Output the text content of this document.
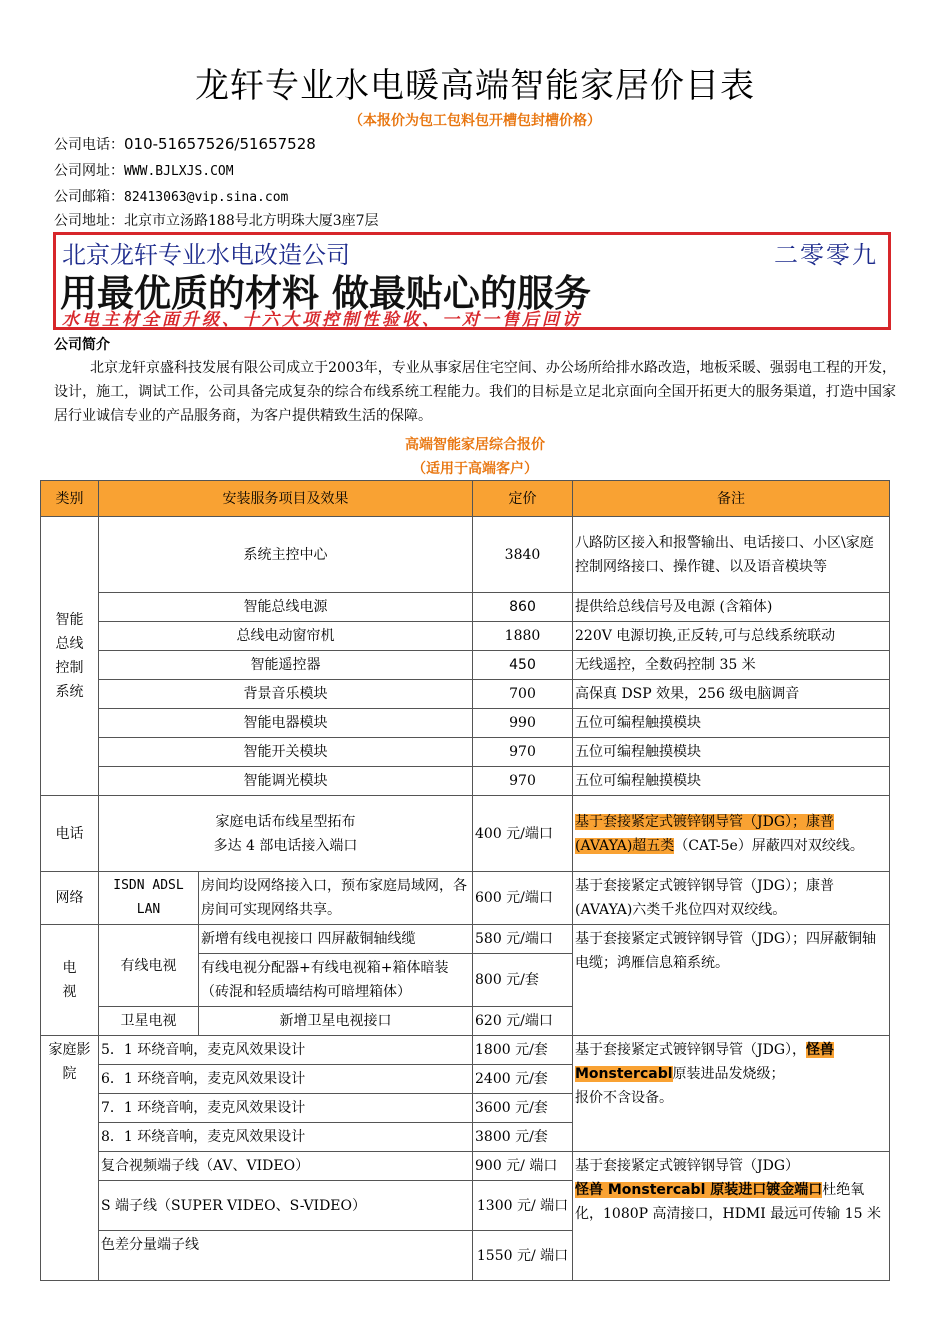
龙轩专业水电暖高端智能家居价目表
（本报价为包工包料包开槽包封槽价格）
公司电话：010-51657526/51657528
公司网址：WWW.BJLXJS.COM
公司邮箱：82413063@vip.sina.com
公司地址：北京市立汤路188号北方明珠大厦3座7层
北京龙轩专业水电改造公司	二零零九
用最优质的材料 做最贴心的服务
水电主材全面升级、十六大项控制性验收、一对一售后回访
公司简介
北京龙轩京盛科技发展有限公司成立于2003年，专业从事家居住宅空间、办公场所给排水路改造，地板采暖、强弱电工程的开发，设计，施工，调试工作，公司具备完成复杂的综合布线系统工程能力。我们的目标是立足北京面向全国开拓更大的服务渠道，打造中国家居行业诚信专业的产品服务商，为客户提供精致生活的保障。
高端智能家居综合报价
（适用于高端客户）
类别	安装服务项目及效果		定价	备注
智能总线控制系统	系统主控中心		3840	八路防区接入和报警输出、电话接口、小区\家庭控制网络接口、操作键、以及语音模块等
	智能总线电源		860	提供给总线信号及电源 (含箱体)
	总线电动窗帘机		1880	220V 电源切换,正反转,可与总线系统联动
	智能遥控器		450	无线遥控，全数码控制 35 米
	背景音乐模块		700	高保真 DSP 效果，256 级电脑调音
	智能电器模块		990	五位可编程触摸模块
	智能开关模块		970	五位可编程触摸模块
	智能调光模块		970	五位可编程触摸模块
电话	家庭电话布线星型拓布
多达 4 部电话接入端口		400 元/端口	基于套接紧定式镀锌钢导管（JDG）；康普(AVAYA)超五类（CAT-5e）屏蔽四对双绞线。
网络	ISDN ADSL LAN	房间均设网络接入口，预布家庭局域网，各房间可实现网络共享。	600 元/端口	基于套接紧定式镀锌钢导管（JDG）；康普(AVAYA)六类千兆位四对双绞线。
电视	有线电视	新增有线电视接口 四屏蔽铜轴线缆	580 元/端口	基于套接紧定式镀锌钢导管（JDG）；四屏蔽铜轴电缆；鸿雁信息箱系统。

		有线电视分配器+有线电视箱+箱体暗装
（砖混和轻质墙结构可暗埋箱体）	800 元/套	
	卫星电视	新增卫星电视接口	620 元/端口	
家庭影院	5．1 环绕音响，麦克风效果设计		1800 元/套	基于套接紧定式镀锌钢导管（JDG），怪兽 Monstercabl原装进品发烧级；
报价不含设备。

	6．1 环绕音响，麦克风效果设计		2400 元/套	
	7．1 环绕音响，麦克风效果设计		3600 元/套	
	8．1 环绕音响，麦克风效果设计		3800 元/套	
	复合视频端子线（AV、VIDEO）		900 元/ 端口	基于套接紧定式镀锌钢导管（JDG）
怪兽 Monstercabl 原装进口镀金端口杜绝氧化，1080P 高清接口，HDMI 最远可传输 15 米
	S 端子线（SUPER VIDEO、S-VIDEO）		1300 元/ 端口	
	色差分量端子线		1550 元/ 端口	
